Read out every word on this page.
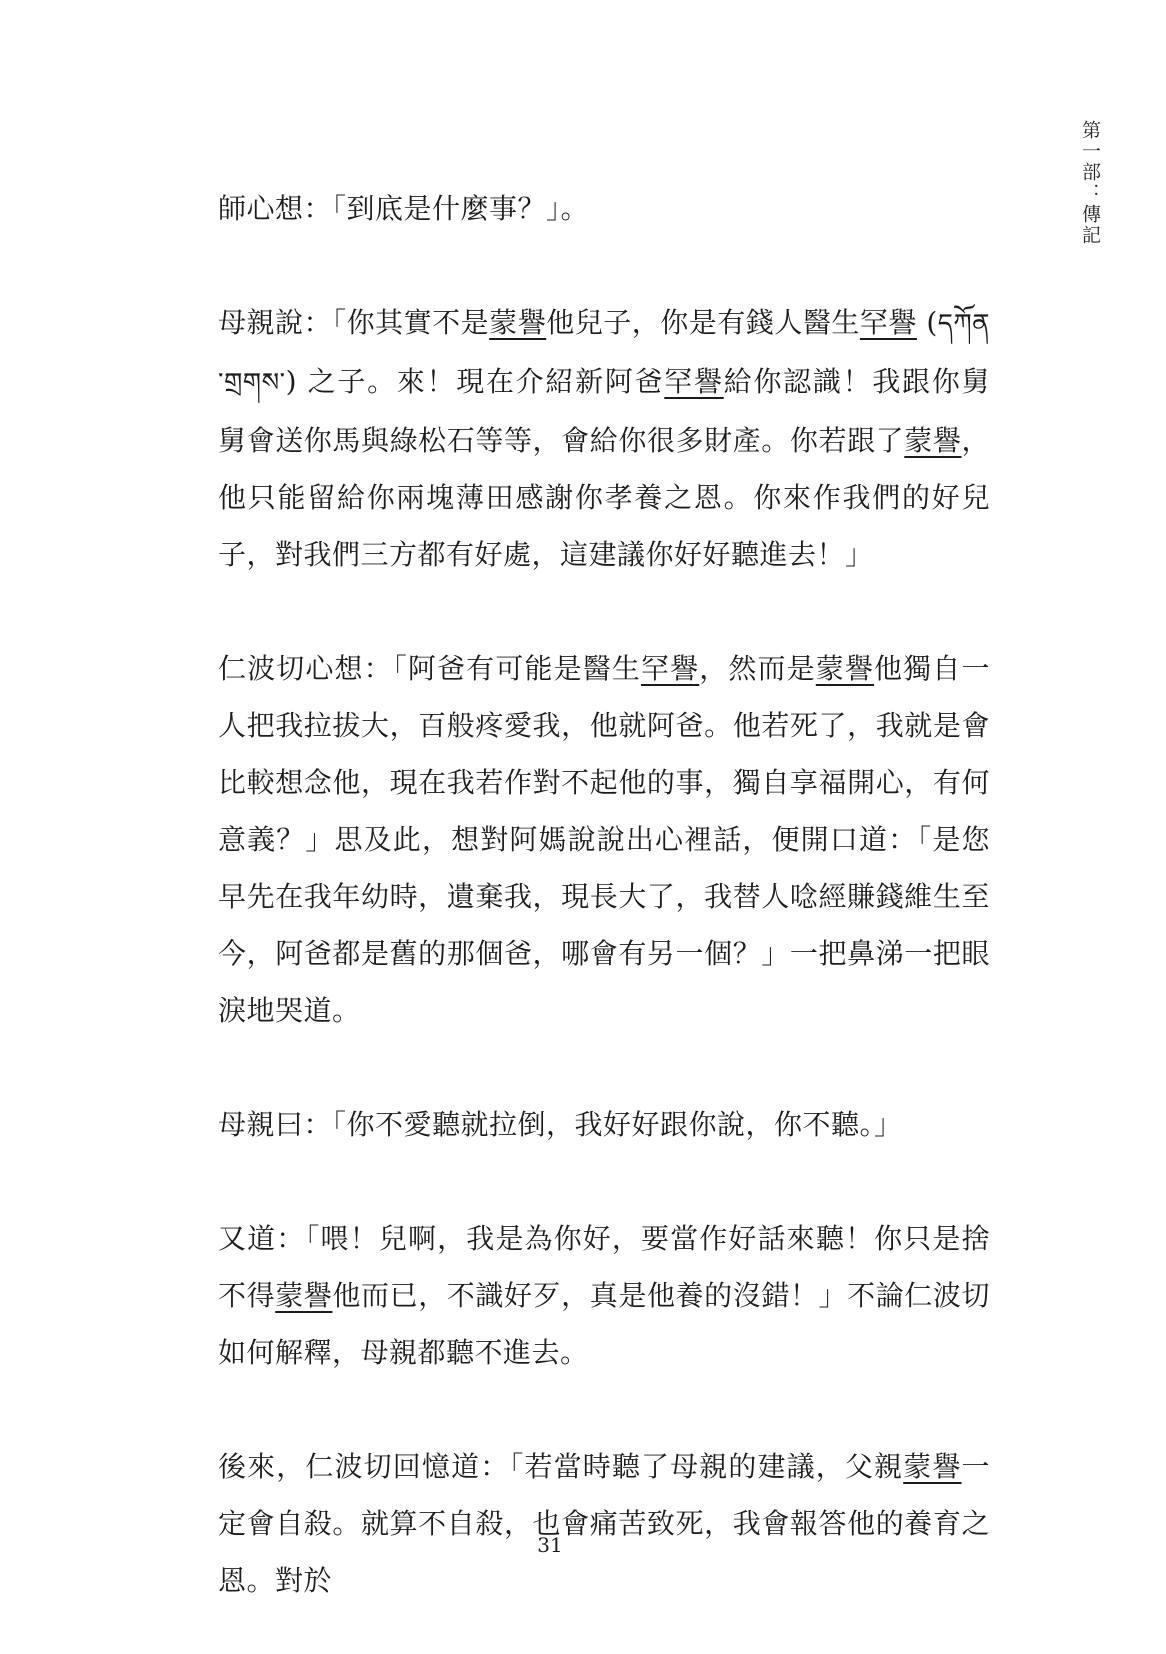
第一部：傳記

師心想：「到底是什麼事？」。

母親說：「你其實不是蒙譽他兒子，你是有錢人醫生罕譽 (དཀོན་གྲགས་) 之子。來！現在介紹新阿爸罕譽給你認識！我跟你舅舅會送你馬與綠松石等等，會給你很多財產。你若跟了蒙譽，他只能留給你兩塊薄田感謝你孝養之恩。你來作我們的好兒子，對我們三方都有好處，這建議你好好聽進去！」

仁波切心想：「阿爸有可能是醫生罕譽，然而是蒙譽他獨自一人把我拉拔大，百般疼愛我，他就阿爸。他若死了，我就是會比較想念他，現在我若作對不起他的事，獨自享福開心，有何意義？」思及此，想對阿媽說說出心裡話，便開口道：「是您早先在我年幼時，遺棄我，現長大了，我替人唸經賺錢維生至今，阿爸都是舊的那個爸，哪會有另一個？」一把鼻涕一把眼淚地哭道。

母親曰：「你不愛聽就拉倒，我好好跟你說，你不聽。」

又道：「喂！兒啊，我是為你好，要當作好話來聽！你只是捨不得蒙譽他而已，不識好歹，真是他養的沒錯！」不論仁波切如何解釋，母親都聽不進去。

後來，仁波切回憶道：「若當時聽了母親的建議，父親蒙譽一定會自殺。就算不自殺，也會痛苦致死，我會報答他的養育之恩。對於

31
